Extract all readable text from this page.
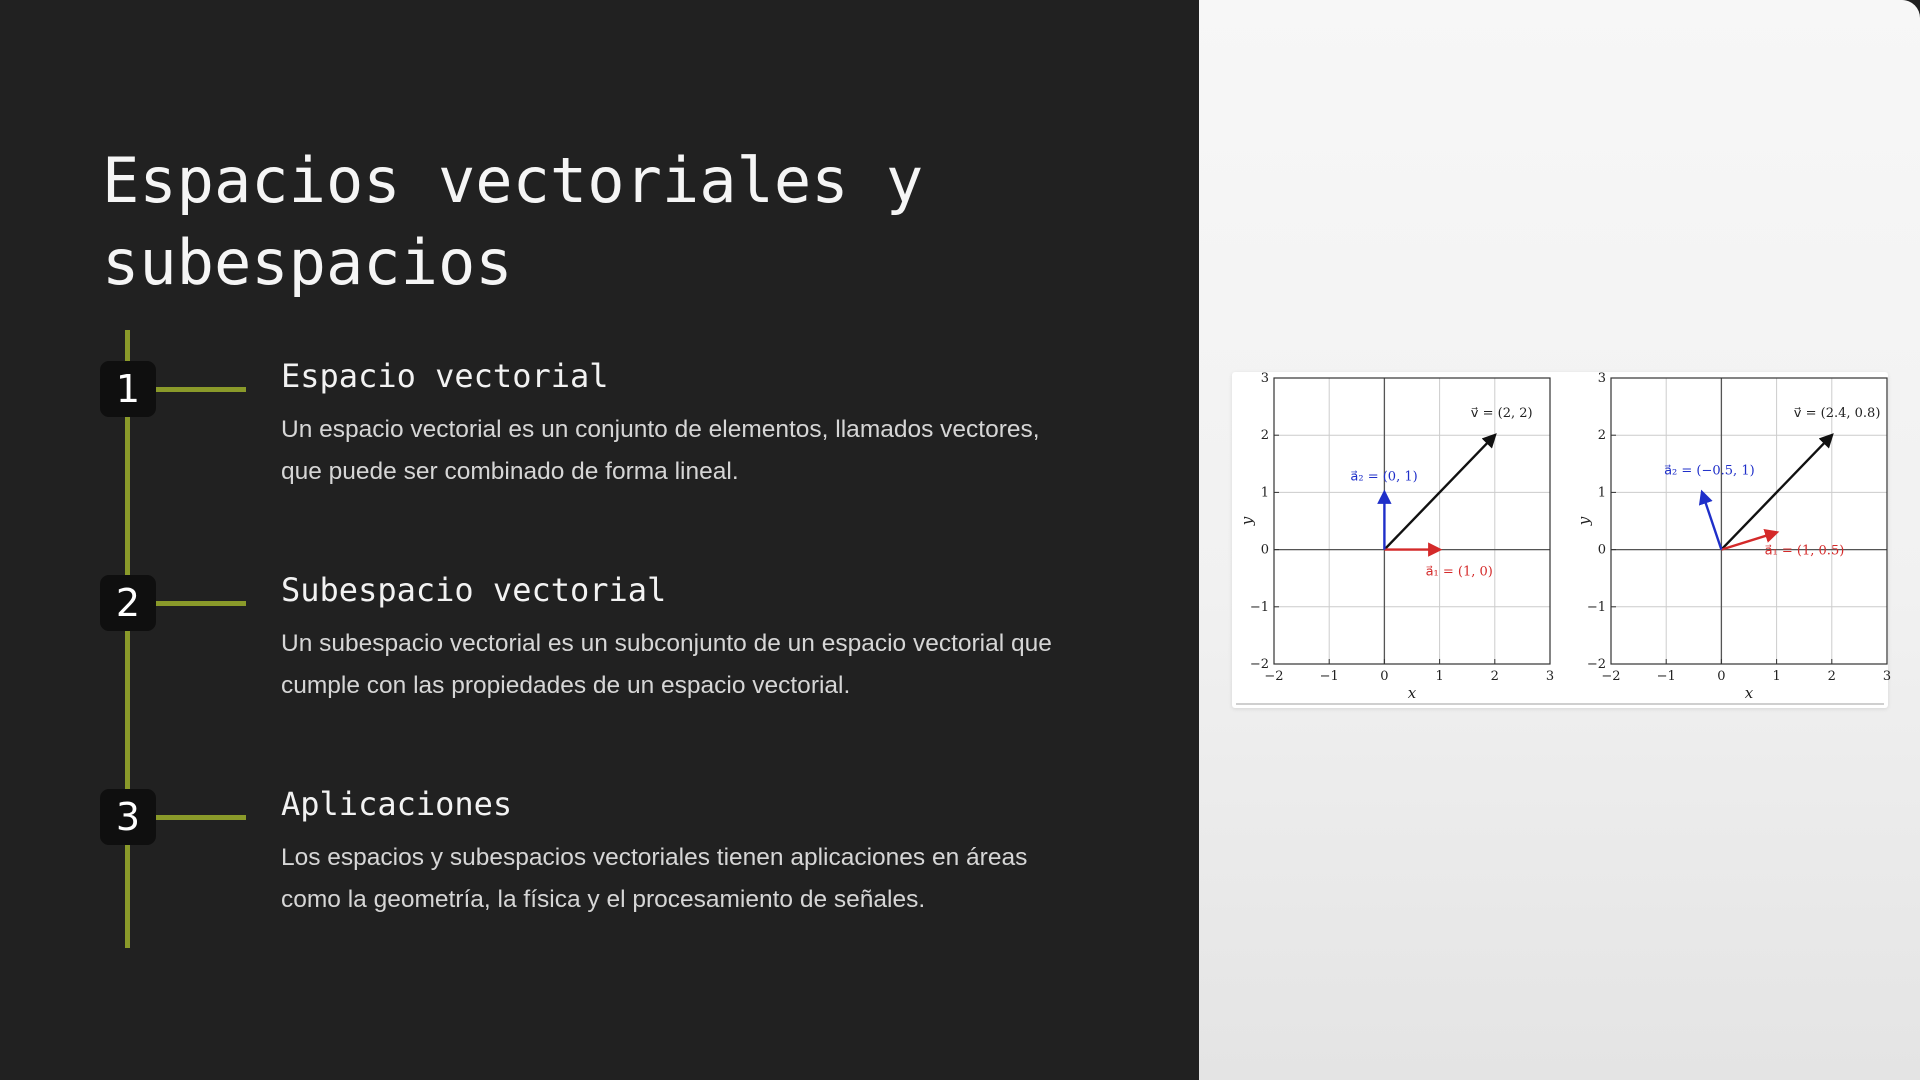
Espacios vectoriales y
subespacios
1	Espacio vectorial

Un espacio vectorial es un conjunto de elementos, llamados vectores,
que puede ser combinado de forma lineal.

2	Subespacio vectorial

Un subespacio vectorial es un subconjunto de un espacio vectorial que
cumple con las propiedades de un espacio vectorial.

3	Aplicaciones

Los espacios y subespacios vectoriales tienen aplicaciones en áreas
como la geometría, la física y el procesamiento de señales.

−2	−1	0	1	2	3
−2
−1
0
1
2
3
x
y
v⃗ = (2, 2)
a⃗₁ = (1, 0)
a⃗₂ = (0, 1)
−2	−1	0	1	2	3
−2
−1
0
1
2
3
x
y
v⃗ = (2.4, 0.8)
a⃗₁ = (1, 0.5)
a⃗₂ = (−0.5, 1)
